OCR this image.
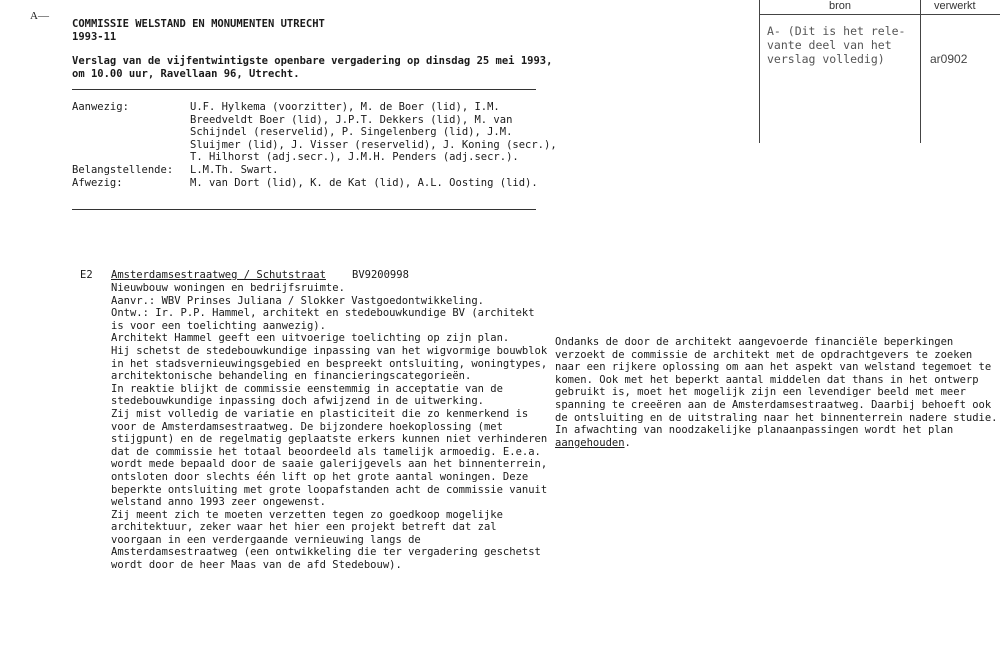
A—
COMMISSIE WELSTAND EN MONUMENTEN UTRECHT
1993-11
Verslag van de vijfentwintigste openbare vergadering op dinsdag 25 mei 1993,
om 10.00 uur, Ravellaan 96, Utrecht.
Aanwezig:	U.F. Hylkema (voorzitter), M. de Boer (lid), I.M.
Breedveldt Boer (lid), J.P.T. Dekkers (lid), M. van
Schijndel (reservelid), P. Singelenberg (lid), J.M.
Sluijmer (lid), J. Visser (reservelid), J. Koning (secr.),
T. Hilhorst (adj.secr.), J.M.H. Penders (adj.secr.).
Belangstellende: L.M.Th. Swart.
Afwezig:	M. van Dort (lid), K. de Kat (lid), A.L. Oosting (lid).
bron	verwerkt
A- (Dit is het rele-
vante deel van het
verslag volledig)	ar0902
E2 Amsterdamsestraatweg / Schutstraat BV9200998
Nieuwbouw woningen en bedrijfsruimte.
Aanvr.: WBV Prinses Juliana / Slokker Vastgoedontwikkeling.
Ontw.: Ir. P.P. Hammel, architekt en stedebouwkundige BV (architekt
is voor een toelichting aanwezig).
Architekt Hammel geeft een uitvoerige toelichting op zijn plan.
Hij schetst de stedebouwkundige inpassing van het wigvormige bouwblok
in het stadsvernieuwingsgebied en bespreekt ontsluiting, woningtypes,
architektonische behandeling en financieringscategorieën.
In reaktie blijkt de commissie eenstemmig in acceptatie van de
stedebouwkundige inpassing doch afwijzend in de uitwerking.
Zij mist volledig de variatie en plasticiteit die zo kenmerkend is
voor de Amsterdamsestraatweg. De bijzondere hoekoplossing (met
stijgpunt) en de regelmatig geplaatste erkers kunnen niet verhinderen
dat de commissie het totaal beoordeeld als tamelijk armoedig. E.e.a.
wordt mede bepaald door de saaie galerijgevels aan het binnenterrein,
ontsloten door slechts één lift op het grote aantal woningen. Deze
beperkte ontsluiting met grote loopafstanden acht de commissie vanuit
welstand anno 1993 zeer ongewenst.
Zij meent zich te moeten verzetten tegen zo goedkoop mogelijke
architektuur, zeker waar het hier een projekt betreft dat zal
voorgaan in een verdergaande vernieuwing langs de
Amsterdamsestraatweg (een ontwikkeling die ter vergadering geschetst
wordt door de heer Maas van de afd Stedebouw).
Ondanks de door de architekt aangevoerde financiële beperkingen
verzoekt de commissie de architekt met de opdrachtgevers te zoeken
naar een rijkere oplossing om aan het aspekt van welstand tegemoet te
komen. Ook met het beperkt aantal middelen dat thans in het ontwerp
gebruikt is, moet het mogelijk zijn een levendiger beeld met meer
spanning te creeëren aan de Amsterdamsestraatweg. Daarbij behoeft ook
de ontsluiting en de uitstraling naar het binnenterrein nadere studie.
In afwachting van noodzakelijke planaanpassingen wordt het plan
aangehouden.
